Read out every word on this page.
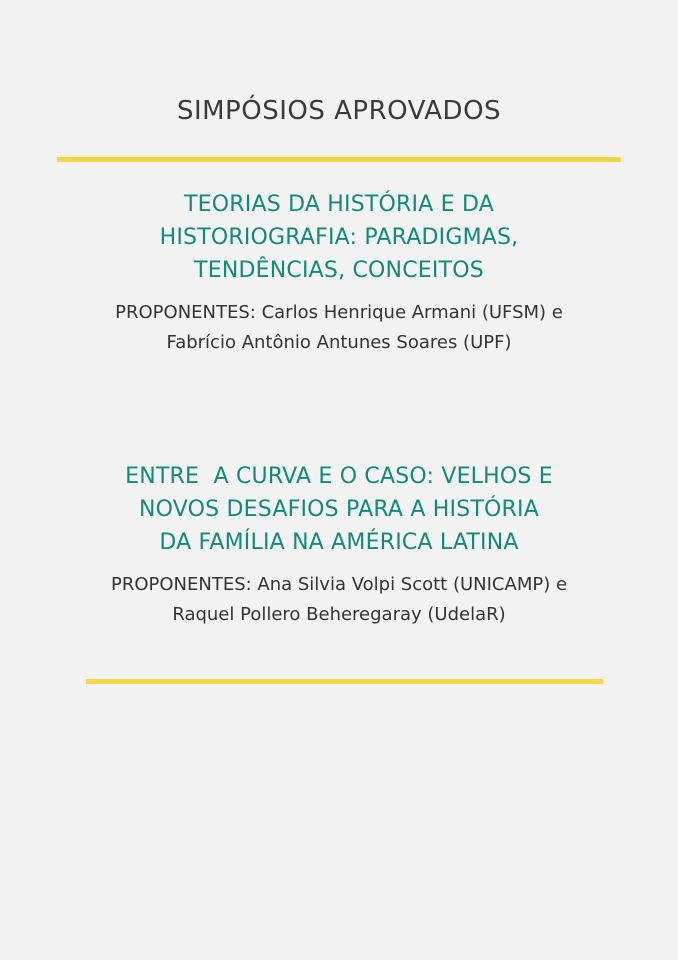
SIMPÓSIOS APROVADOS
TEORIAS DA HISTÓRIA E DA
HISTORIOGRAFIA: PARADIGMAS,
TENDÊNCIAS, CONCEITOS
PROPONENTES: Carlos Henrique Armani (UFSM) e
Fabrício Antônio Antunes Soares (UPF)
ENTRE  A CURVA E O CASO: VELHOS E
NOVOS DESAFIOS PARA A HISTÓRIA
DA FAMÍLIA NA AMÉRICA LATINA
PROPONENTES: Ana Silvia Volpi Scott (UNICAMP) e
Raquel Pollero Beheregaray (UdelaR)
